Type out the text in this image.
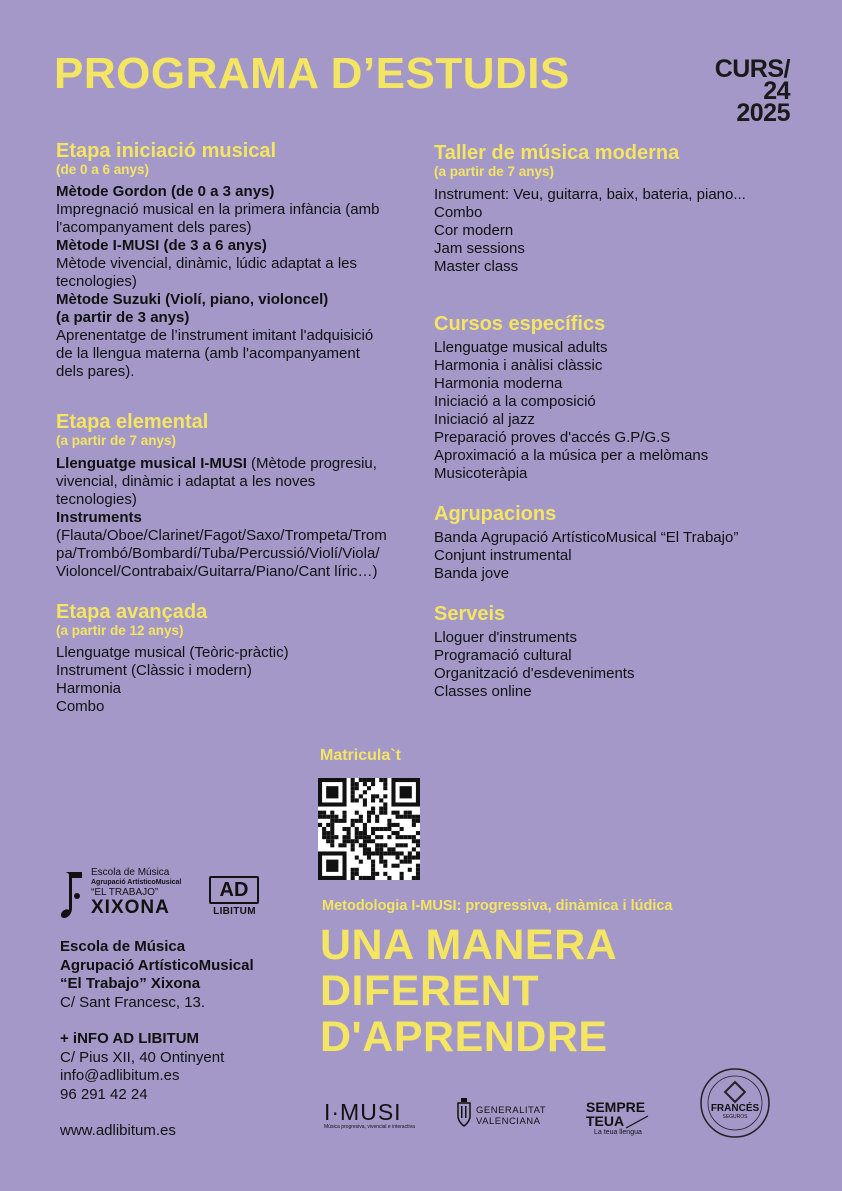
PROGRAMA D’ESTUDIS	CURS/
24
2025
Etapa iniciació musical
(de 0 a 6 anys)
Mètode Gordon (de 0 a 3 anys)
Impregnació musical en la primera infància (amb
l'acompanyament dels pares)
Mètode I-MUSI (de 3 a 6 anys)
Mètode vivencial, dinàmic, lúdic adaptat a les
tecnologies)
Mètode Suzuki (Violí, piano, violoncel)
(a partir de 3 anys)
Aprenentatge de l’instrument imitant l'adquisició
de la llengua materna (amb l'acompanyament
dels pares).
Etapa elemental
(a partir de 7 anys)
Llenguatge musical I-MUSI (Mètode progresiu,
vivencial, dinàmic i adaptat a les noves
tecnologies)
Instruments
(Flauta/Oboe/Clarinet/Fagot/Saxo/Trompeta/Trom
pa/Trombó/Bombardí/Tuba/Percussió/Violí/Viola/
Violoncel/Contrabaix/Guitarra/Piano/Cant líric…)
Etapa avançada
(a partir de 12 anys)
Llenguatge musical (Teòric-pràctic)
Instrument (Clàssic i modern)
Harmonia
Combo
Taller de música moderna
(a partir de 7 anys)
Instrument: Veu, guitarra, baix, bateria, piano...
Combo
Cor modern
Jam sessions
Master class
Cursos específics
Llenguatge musical adults
Harmonia i anàlisi clàssic
Harmonia moderna
Iniciació a la composició
Iniciació al jazz
Preparació proves d'accés G.P/G.S
Aproximació a la música per a melòmans
Musicoteràpia
Agrupacions
Banda Agrupació ArtísticoMusical “El Trabajo”
Conjunt instrumental
Banda jove
Serveis
Lloguer d'instruments
Programació cultural
Organització d'esdeveniments
Classes online
Matricula`t
Escola de Música
Agrupació ArtísticoMusical
“EL TRABAJO”
XIXONA
AD
LIBITUM
Escola de Música
Agrupació ArtísticoMusical
“El Trabajo” Xixona
C/ Sant Francesc, 13.
+ iNFO AD LIBITUM
C/ Pius XII, 40 Ontinyent
info@adlibitum.es
96 291 42 24
www.adlibitum.es
Metodologia I-MUSI: progressiva, dinàmica i lúdica
UNA MANERA
DIFERENT
D'APRENDRE
I·MUSI
Música progresiva, vivencial e interactiva
GENERALITAT
VALENCIANA
SEMPRE
TEUA
La teua llengua
FRANCÉS
SEGUROS
